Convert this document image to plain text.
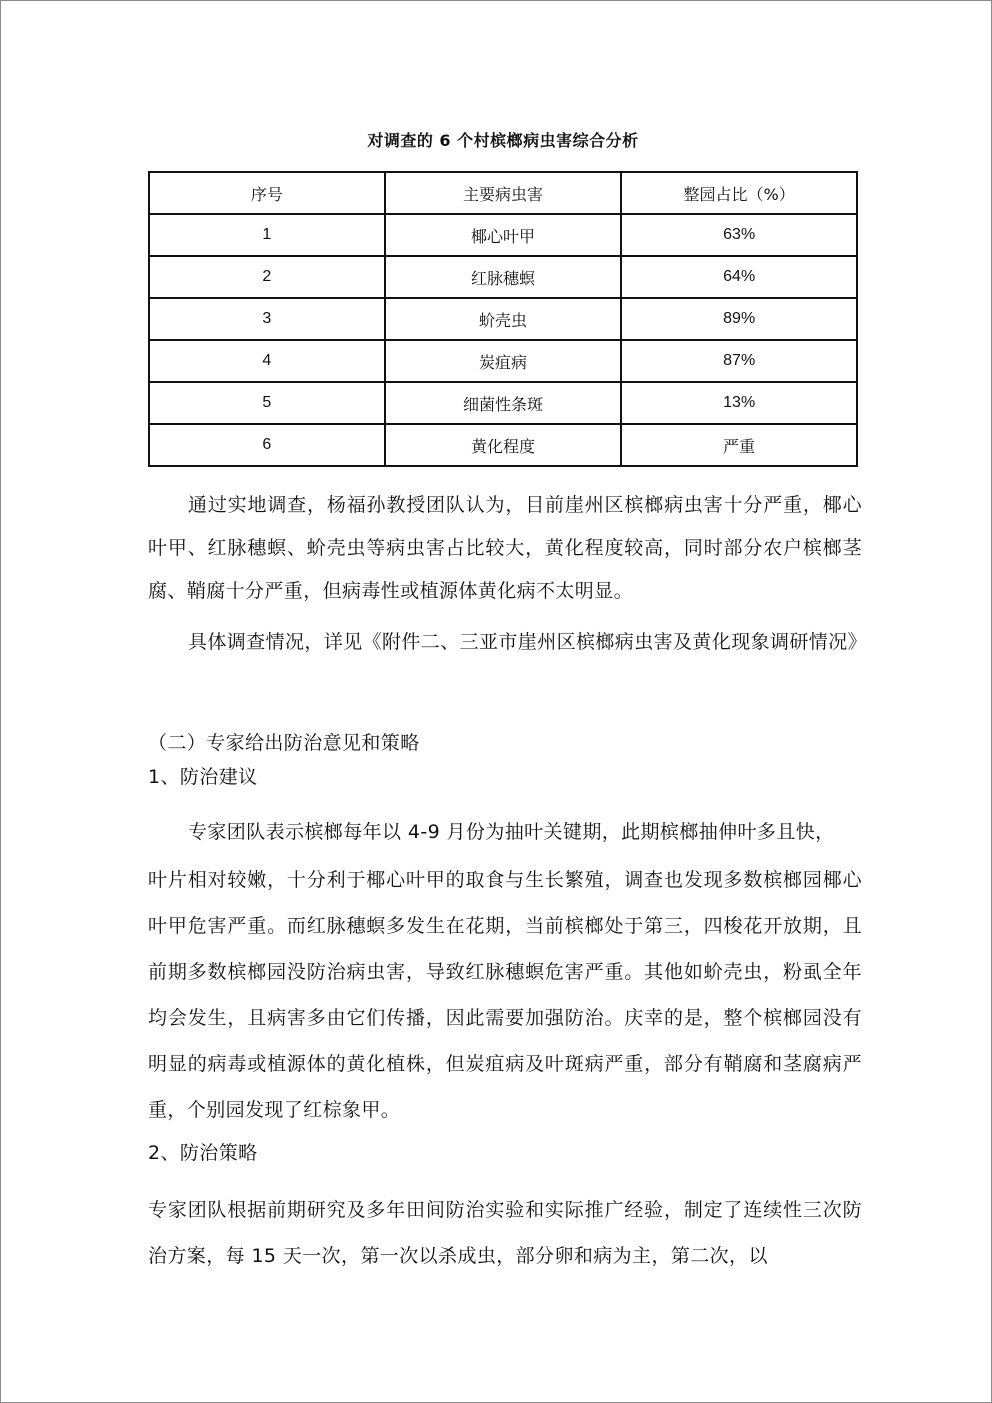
对调查的 6 个村槟榔病虫害综合分析
序号	主要病虫害	整园占比（%）
1	椰心叶甲	63%
2	红脉穗螟	64%
3	蚧壳虫	89%
4	炭疽病	87%
5	细菌性条斑	13%
6	黄化程度	严重

通过实地调查，杨福孙教授团队认为，目前崖州区槟榔病虫害十分严重，椰心叶甲、红脉穗螟、蚧壳虫等病虫害占比较大，黄化程度较高，同时部分农户槟榔茎腐、鞘腐十分严重，但病毒性或植源体黄化病不太明显。

具体调查情况，详见《附件二、三亚市崖州区槟榔病虫害及黄化现象调研情况》

（二）专家给出防治意见和策略

1、防治建议

专家团队表示槟榔每年以 4-9 月份为抽叶关键期，此期槟榔抽伸叶多且快，

叶片相对较嫩，十分利于椰心叶甲的取食与生长繁殖，调查也发现多数槟榔园椰心叶甲危害严重。而红脉穗螟多发生在花期，当前槟榔处于第三，四梭花开放期，且前期多数槟榔园没防治病虫害，导致红脉穗螟危害严重。其他如蚧壳虫，粉虱全年均会发生，且病害多由它们传播，因此需要加强防治。庆幸的是，整个槟榔园没有明显的病毒或植源体的黄化植株，但炭疽病及叶斑病严重，部分有鞘腐和茎腐病严重，个别园发现了红棕象甲。

2、防治策略

专家团队根据前期研究及多年田间防治实验和实际推广经验，制定了连续性三次防治方案，每 15 天一次，第一次以杀成虫，部分卵和病为主，第二次，以
